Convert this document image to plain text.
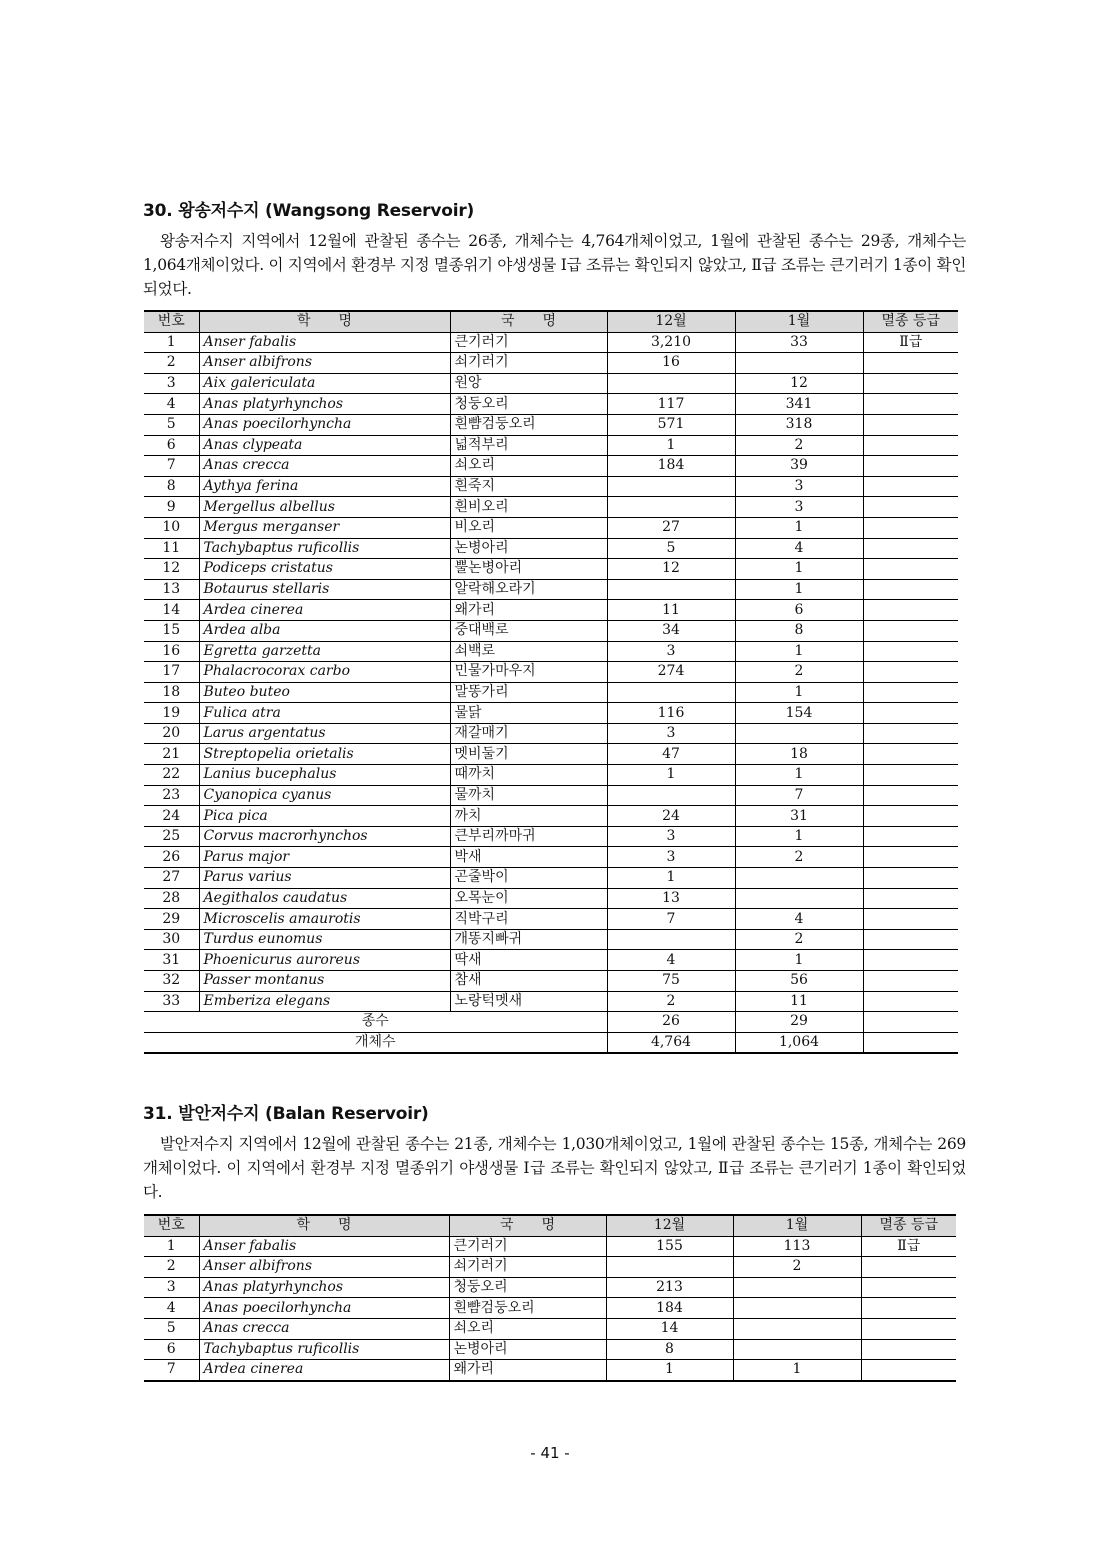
30. 왕송저수지 (Wangsong Reservoir)

왕송저수지 지역에서 12월에 관찰된 종수는 26종, 개체수는 4,764개체이었고, 1월에 관찰된 종수는 29종, 개체수는 1,064개체이었다. 이 지역에서 환경부 지정 멸종위기 야생생물 Ⅰ급 조류는 확인되지 않았고, Ⅱ급 조류는 큰기러기 1종이 확인되었다.

번호	학　　명	국　　명	12월	1월	멸종 등급
1	Anser fabalis	큰기러기	3,210	33	Ⅱ급
2	Anser albifrons	쇠기러기	16		
3	Aix galericulata	원앙		12	
4	Anas platyrhynchos	청둥오리	117	341	
5	Anas poecilorhyncha	흰뺨검둥오리	571	318	
6	Anas clypeata	넓적부리	1	2	
7	Anas crecca	쇠오리	184	39	
8	Aythya ferina	흰죽지		3	
9	Mergellus albellus	흰비오리		3	
10	Mergus merganser	비오리	27	1	
11	Tachybaptus ruficollis	논병아리	5	4	
12	Podiceps cristatus	뿔논병아리	12	1	
13	Botaurus stellaris	알락해오라기		1	
14	Ardea cinerea	왜가리	11	6	
15	Ardea alba	중대백로	34	8	
16	Egretta garzetta	쇠백로	3	1	
17	Phalacrocorax carbo	민물가마우지	274	2	
18	Buteo buteo	말똥가리		1	
19	Fulica atra	물닭	116	154	
20	Larus argentatus	재갈매기	3		
21	Streptopelia orietalis	멧비둘기	47	18	
22	Lanius bucephalus	때까치	1	1	
23	Cyanopica cyanus	물까치		7	
24	Pica pica	까치	24	31	
25	Corvus macrorhynchos	큰부리까마귀	3	1	
26	Parus major	박새	3	2	
27	Parus varius	곤줄박이	1		
28	Aegithalos caudatus	오목눈이	13		
29	Microscelis amaurotis	직박구리	7	4	
30	Turdus eunomus	개똥지빠귀		2	
31	Phoenicurus auroreus	딱새	4	1	
32	Passer montanus	참새	75	56	
33	Emberiza elegans	노랑턱멧새	2	11	
종수			26	29	
개체수			4,764	1,064	
31. 발안저수지 (Balan Reservoir)

발안저수지 지역에서 12월에 관찰된 종수는 21종, 개체수는 1,030개체이었고, 1월에 관찰된 종수는 15종, 개체수는 269개체이었다. 이 지역에서 환경부 지정 멸종위기 야생생물 Ⅰ급 조류는 확인되지 않았고, Ⅱ급 조류는 큰기러기 1종이 확인되었다.

번호	학　　명	국　　명	12월	1월	멸종 등급
1	Anser fabalis	큰기러기	155	113	Ⅱ급
2	Anser albifrons	쇠기러기		2	
3	Anas platyrhynchos	청둥오리	213		
4	Anas poecilorhyncha	흰뺨검둥오리	184		
5	Anas crecca	쇠오리	14		
6	Tachybaptus ruficollis	논병아리	8		
7	Ardea cinerea	왜가리	1	1	
- 41 -
